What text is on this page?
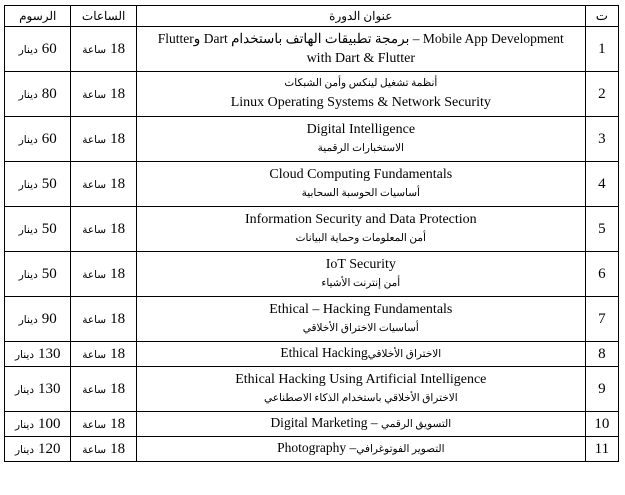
ت	عنوان الدورة	الساعات	الرسوم
1	Mobile App Development – برمجة تطبيقات الهاتف باستخدام Dart وFlutter
with Dart & Flutter	18 ساعة	60 دينار
2	أنظمة تشغيل لينكس وأمن الشبكات
Linux Operating Systems & Network Security	18 ساعة	80 دينار
3	Digital Intelligence
الاستخبارات الرقمية	18 ساعة	60 دينار
4	Cloud Computing Fundamentals
أساسيات الحوسبة السحابية	18 ساعة	50 دينار
5	Information Security and Data Protection
أمن المعلومات وحماية البيانات	18 ساعة	50 دينار
6	IoT Security
أمن إنترنت الأشياء	18 ساعة	50 دينار
7	Ethical – Hacking Fundamentals
أساسيات الاختراق الأخلاقي	18 ساعة	90 دينار
8	الاختراق الأخلاقيEthical Hacking	18 ساعة	130 دينار
9	Ethical Hacking Using Artificial Intelligence
الاختراق الأخلاقي باستخدام الذكاء الاصطناعي	18 ساعة	130 دينار
10	التسويق الرقمي Digital Marketing –	18 ساعة	100 دينار
11	التصوير الفوتوغرافيPhotography –	18 ساعة	120 دينار
